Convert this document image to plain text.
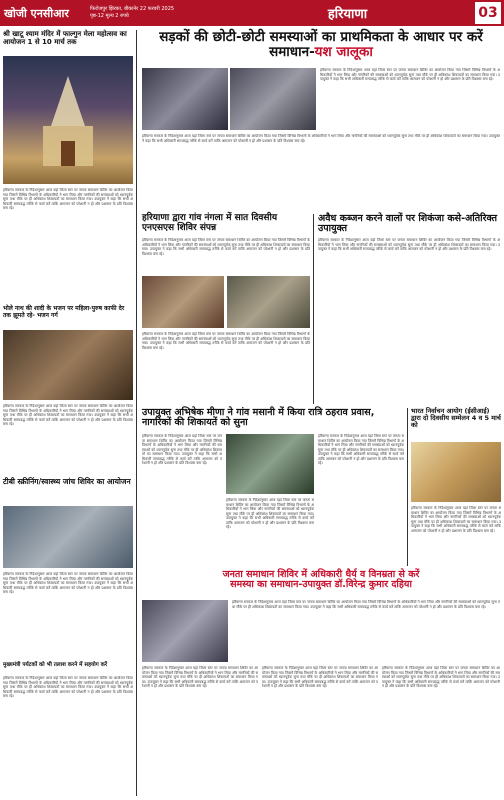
खोजी एनसीआर	फिरोजपुर झिरका, बीकानेर 22 फरवरी 2025
पृष्ठ-12 मूल्य 2 रुपये	हरियाणा	03
श्री खाटू श्याम मंदिर में फाल्गुन मेला महोत्सव का आयोजन 1 से 10 मार्च तक
हरियाणा सरकार के निर्देशानुसार आज यहां जिला स्तर पर जनता समाधान शिविर का आयोजन किया गया जिसमें विभिन्न विभागों के अधिकारियों ने भाग लिया और नागरिकों की समस्याओं को ध्यानपूर्वक सुना तथा मौके पर ही अधिकांश शिकायतों का समाधान किया गया। उपायुक्त ने कहा कि सभी अधिकारी समयबद्ध तरीके से कार्य करें ताकि आमजन को परेशानी न हो और प्रशासन के प्रति विश्वास बना रहे।
भोले नाथ की शादी के भजन पर महिला-पुरुष काफी देर तक झूमते रहे- भजन गर्ग
हरियाणा सरकार के निर्देशानुसार आज यहां जिला स्तर पर जनता समाधान शिविर का आयोजन किया गया जिसमें विभिन्न विभागों के अधिकारियों ने भाग लिया और नागरिकों की समस्याओं को ध्यानपूर्वक सुना तथा मौके पर ही अधिकांश शिकायतों का समाधान किया गया। उपायुक्त ने कहा कि सभी अधिकारी समयबद्ध तरीके से कार्य करें ताकि आमजन को परेशानी न हो और प्रशासन के प्रति विश्वास बना रहे।
टीबी स्क्रीनिंग/स्वास्थ्य जांच शिविर का आयोजन
हरियाणा सरकार के निर्देशानुसार आज यहां जिला स्तर पर जनता समाधान शिविर का आयोजन किया गया जिसमें विभिन्न विभागों के अधिकारियों ने भाग लिया और नागरिकों की समस्याओं को ध्यानपूर्वक सुना तथा मौके पर ही अधिकांश शिकायतों का समाधान किया गया। उपायुक्त ने कहा कि सभी अधिकारी समयबद्ध तरीके से कार्य करें ताकि आमजन को परेशानी न हो और प्रशासन के प्रति विश्वास बना रहे।
मुख्यमंत्री पर्यटकों को भी तलाश करने में सहयोग करें
हरियाणा सरकार के निर्देशानुसार आज यहां जिला स्तर पर जनता समाधान शिविर का आयोजन किया गया जिसमें विभिन्न विभागों के अधिकारियों ने भाग लिया और नागरिकों की समस्याओं को ध्यानपूर्वक सुना तथा मौके पर ही अधिकांश शिकायतों का समाधान किया गया। उपायुक्त ने कहा कि सभी अधिकारी समयबद्ध तरीके से कार्य करें ताकि आमजन को परेशानी न हो और प्रशासन के प्रति विश्वास बना रहे।
सड़कों की छोटी-छोटी समस्याओं का प्राथमिकता के आधार पर करें समाधान-यश जालूका
हरियाणा सरकार के निर्देशानुसार आज यहां जिला स्तर पर जनता समाधान शिविर का आयोजन किया गया जिसमें विभिन्न विभागों के अधिकारियों ने भाग लिया और नागरिकों की समस्याओं को ध्यानपूर्वक सुना तथा मौके पर ही अधिकांश शिकायतों का समाधान किया गया। उपायुक्त ने कहा कि सभी अधिकारी समयबद्ध तरीके से कार्य करें ताकि आमजन को परेशानी न हो और प्रशासन के प्रति विश्वास बना रहे।
हरियाणा सरकार के निर्देशानुसार आज यहां जिला स्तर पर जनता समाधान शिविर का आयोजन किया गया जिसमें विभिन्न विभागों के अधिकारियों ने भाग लिया और नागरिकों की समस्याओं को ध्यानपूर्वक सुना तथा मौके पर ही अधिकांश शिकायतों का समाधान किया गया। उपायुक्त ने कहा कि सभी अधिकारी समयबद्ध तरीके से कार्य करें ताकि आमजन को परेशानी न हो और प्रशासन के प्रति विश्वास बना रहे।
हरियाणा द्वारा गांव नंगला में सात दिवसीय एनएसएस शिविर संपन्न
हरियाणा सरकार के निर्देशानुसार आज यहां जिला स्तर पर जनता समाधान शिविर का आयोजन किया गया जिसमें विभिन्न विभागों के अधिकारियों ने भाग लिया और नागरिकों की समस्याओं को ध्यानपूर्वक सुना तथा मौके पर ही अधिकांश शिकायतों का समाधान किया गया। उपायुक्त ने कहा कि सभी अधिकारी समयबद्ध तरीके से कार्य करें ताकि आमजन को परेशानी न हो और प्रशासन के प्रति विश्वास बना रहे।
हरियाणा सरकार के निर्देशानुसार आज यहां जिला स्तर पर जनता समाधान शिविर का आयोजन किया गया जिसमें विभिन्न विभागों के अधिकारियों ने भाग लिया और नागरिकों की समस्याओं को ध्यानपूर्वक सुना तथा मौके पर ही अधिकांश शिकायतों का समाधान किया गया। उपायुक्त ने कहा कि सभी अधिकारी समयबद्ध तरीके से कार्य करें ताकि आमजन को परेशानी न हो और प्रशासन के प्रति विश्वास बना रहे।
अवैध कब्जन करने वालों पर शिकंजा कसे-अतिरिक्त उपायुक्त
हरियाणा सरकार के निर्देशानुसार आज यहां जिला स्तर पर जनता समाधान शिविर का आयोजन किया गया जिसमें विभिन्न विभागों के अधिकारियों ने भाग लिया और नागरिकों की समस्याओं को ध्यानपूर्वक सुना तथा मौके पर ही अधिकांश शिकायतों का समाधान किया गया। उपायुक्त ने कहा कि सभी अधिकारी समयबद्ध तरीके से कार्य करें ताकि आमजन को परेशानी न हो और प्रशासन के प्रति विश्वास बना रहे।
उपायुक्त अभिषेक मीणा ने गांव मसानी में किया रात्रि ठहराव प्रवास, नागरिकों की शिकायतें को सुना
हरियाणा सरकार के निर्देशानुसार आज यहां जिला स्तर पर जनता समाधान शिविर का आयोजन किया गया जिसमें विभिन्न विभागों के अधिकारियों ने भाग लिया और नागरिकों की समस्याओं को ध्यानपूर्वक सुना तथा मौके पर ही अधिकांश शिकायतों का समाधान किया गया। उपायुक्त ने कहा कि सभी अधिकारी समयबद्ध तरीके से कार्य करें ताकि आमजन को परेशानी न हो और प्रशासन के प्रति विश्वास बना रहे।
हरियाणा सरकार के निर्देशानुसार आज यहां जिला स्तर पर जनता समाधान शिविर का आयोजन किया गया जिसमें विभिन्न विभागों के अधिकारियों ने भाग लिया और नागरिकों की समस्याओं को ध्यानपूर्वक सुना तथा मौके पर ही अधिकांश शिकायतों का समाधान किया गया। उपायुक्त ने कहा कि सभी अधिकारी समयबद्ध तरीके से कार्य करें ताकि आमजन को परेशानी न हो और प्रशासन के प्रति विश्वास बना रहे।
हरियाणा सरकार के निर्देशानुसार आज यहां जिला स्तर पर जनता समाधान शिविर का आयोजन किया गया जिसमें विभिन्न विभागों के अधिकारियों ने भाग लिया और नागरिकों की समस्याओं को ध्यानपूर्वक सुना तथा मौके पर ही अधिकांश शिकायतों का समाधान किया गया। उपायुक्त ने कहा कि सभी अधिकारी समयबद्ध तरीके से कार्य करें ताकि आमजन को परेशानी न हो और प्रशासन के प्रति विश्वास बना रहे।
भारत निर्वाचन आयोग (ईसीआई) द्वारा दो दिवसीय सम्मेलन 4 व 5 मार्च को
हरियाणा सरकार के निर्देशानुसार आज यहां जिला स्तर पर जनता समाधान शिविर का आयोजन किया गया जिसमें विभिन्न विभागों के अधिकारियों ने भाग लिया और नागरिकों की समस्याओं को ध्यानपूर्वक सुना तथा मौके पर ही अधिकांश शिकायतों का समाधान किया गया। उपायुक्त ने कहा कि सभी अधिकारी समयबद्ध तरीके से कार्य करें ताकि आमजन को परेशानी न हो और प्रशासन के प्रति विश्वास बना रहे।
जनता समाधान शिविर में अधिकारी धैर्य व विनम्रता से करें
समस्या का समाधान-उपायुक्त डॉ.विरेन्द्र कुमार दहिया
हरियाणा सरकार के निर्देशानुसार आज यहां जिला स्तर पर जनता समाधान शिविर का आयोजन किया गया जिसमें विभिन्न विभागों के अधिकारियों ने भाग लिया और नागरिकों की समस्याओं को ध्यानपूर्वक सुना तथा मौके पर ही अधिकांश शिकायतों का समाधान किया गया। उपायुक्त ने कहा कि सभी अधिकारी समयबद्ध तरीके से कार्य करें ताकि आमजन को परेशानी न हो और प्रशासन के प्रति विश्वास बना रहे।
हरियाणा सरकार के निर्देशानुसार आज यहां जिला स्तर पर जनता समाधान शिविर का आयोजन किया गया जिसमें विभिन्न विभागों के अधिकारियों ने भाग लिया और नागरिकों की समस्याओं को ध्यानपूर्वक सुना तथा मौके पर ही अधिकांश शिकायतों का समाधान किया गया। उपायुक्त ने कहा कि सभी अधिकारी समयबद्ध तरीके से कार्य करें ताकि आमजन को परेशानी न हो और प्रशासन के प्रति विश्वास बना रहे।
हरियाणा सरकार के निर्देशानुसार आज यहां जिला स्तर पर जनता समाधान शिविर का आयोजन किया गया जिसमें विभिन्न विभागों के अधिकारियों ने भाग लिया और नागरिकों की समस्याओं को ध्यानपूर्वक सुना तथा मौके पर ही अधिकांश शिकायतों का समाधान किया गया। उपायुक्त ने कहा कि सभी अधिकारी समयबद्ध तरीके से कार्य करें ताकि आमजन को परेशानी न हो और प्रशासन के प्रति विश्वास बना रहे।
हरियाणा सरकार के निर्देशानुसार आज यहां जिला स्तर पर जनता समाधान शिविर का आयोजन किया गया जिसमें विभिन्न विभागों के अधिकारियों ने भाग लिया और नागरिकों की समस्याओं को ध्यानपूर्वक सुना तथा मौके पर ही अधिकांश शिकायतों का समाधान किया गया। उपायुक्त ने कहा कि सभी अधिकारी समयबद्ध तरीके से कार्य करें ताकि आमजन को परेशानी न हो और प्रशासन के प्रति विश्वास बना रहे।
